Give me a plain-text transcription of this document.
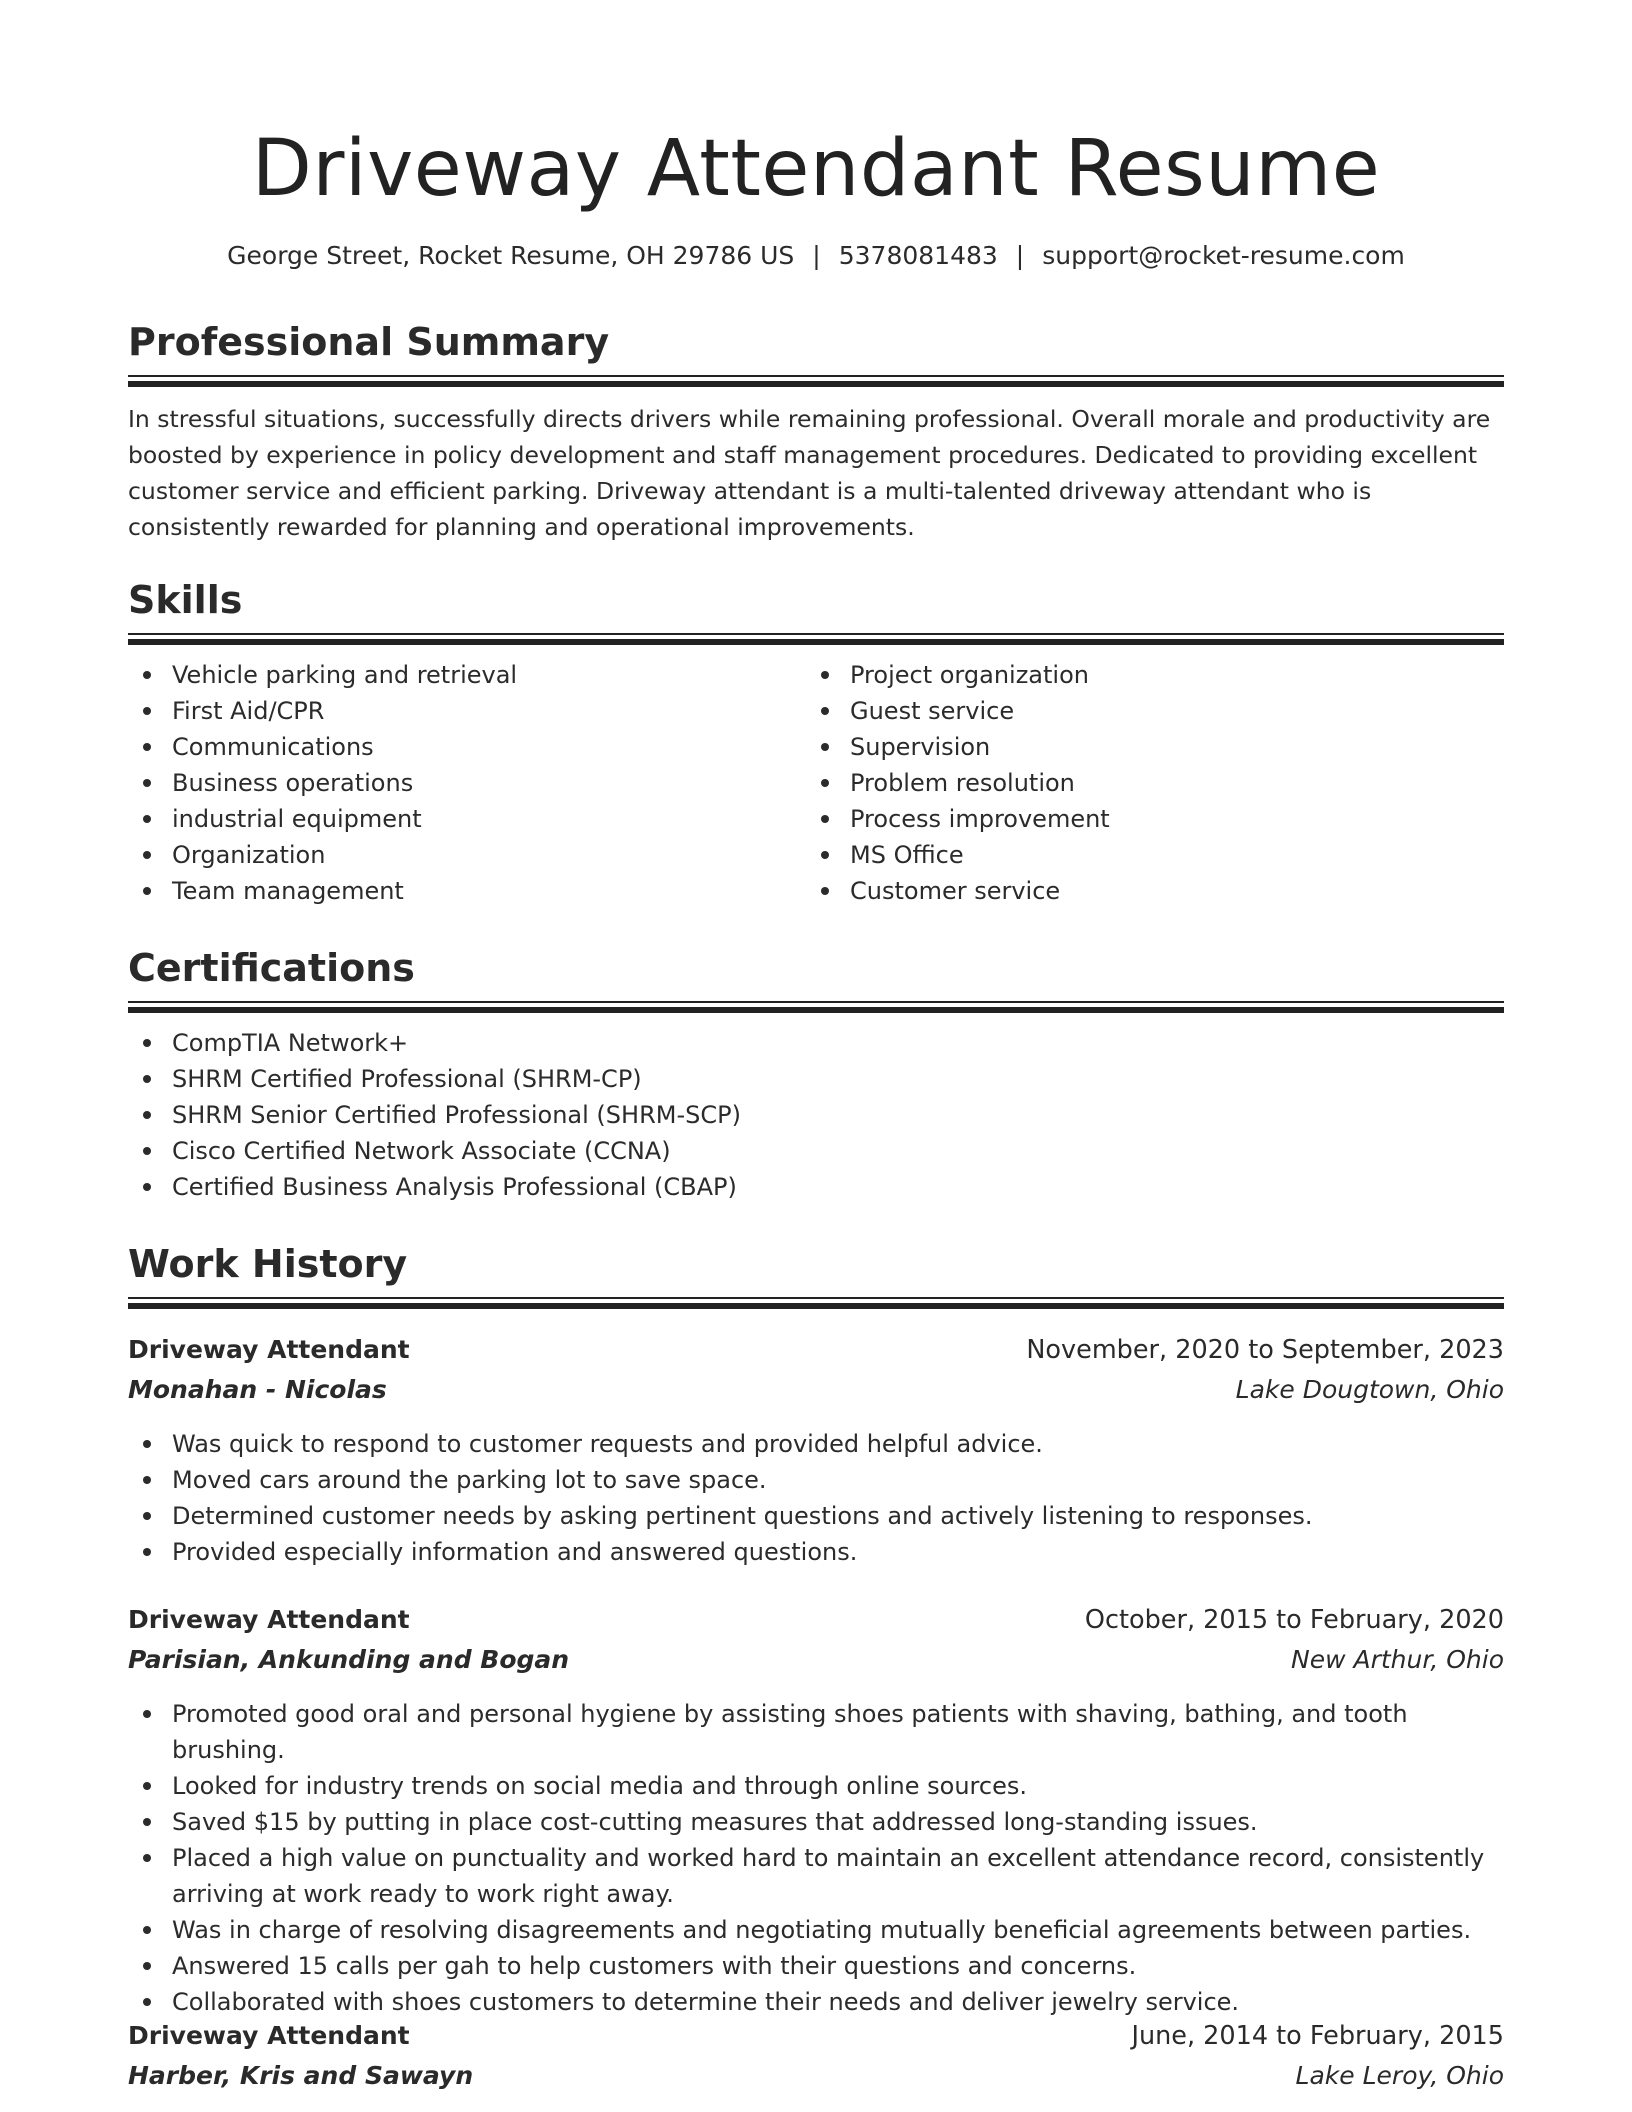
Driveway Attendant Resume
George Street, Rocket Resume, OH 29786 US | 5378081483 | support@rocket-resume.com
Professional Summary

In stressful situations, successfully directs drivers while remaining professional. Overall morale and productivity are boosted by experience in policy development and staff management procedures. Dedicated to providing excellent customer service and efficient parking. Driveway attendant is a multi-talented driveway attendant who is consistently rewarded for planning and operational improvements.

Skills
Vehicle parking and retrieval
First Aid/CPR
Communications
Business operations
industrial equipment
Organization
Team management
Project organization
Guest service
Supervision
Problem resolution
Process improvement
MS Office
Customer service
Certifications
CompTIA Network+
SHRM Certified Professional (SHRM-CP)
SHRM Senior Certified Professional (SHRM-SCP)
Cisco Certified Network Associate (CCNA)
Certified Business Analysis Professional (CBAP)
Work History
Driveway Attendant	November, 2020 to September, 2023
Monahan - Nicolas	Lake Dougtown, Ohio
Was quick to respond to customer requests and provided helpful advice.
Moved cars around the parking lot to save space.
Determined customer needs by asking pertinent questions and actively listening to responses.
Provided especially information and answered questions.
Driveway Attendant	October, 2015 to February, 2020
Parisian, Ankunding and Bogan	New Arthur, Ohio
Promoted good oral and personal hygiene by assisting shoes patients with shaving, bathing, and tooth brushing.
Looked for industry trends on social media and through online sources.
Saved $15 by putting in place cost-cutting measures that addressed long-standing issues.
Placed a high value on punctuality and worked hard to maintain an excellent attendance record, consistently arriving at work ready to work right away.
Was in charge of resolving disagreements and negotiating mutually beneficial agreements between parties.
Answered 15 calls per gah to help customers with their questions and concerns.
Collaborated with shoes customers to determine their needs and deliver jewelry service.
Driveway Attendant	June, 2014 to February, 2015
Harber, Kris and Sawayn	Lake Leroy, Ohio
